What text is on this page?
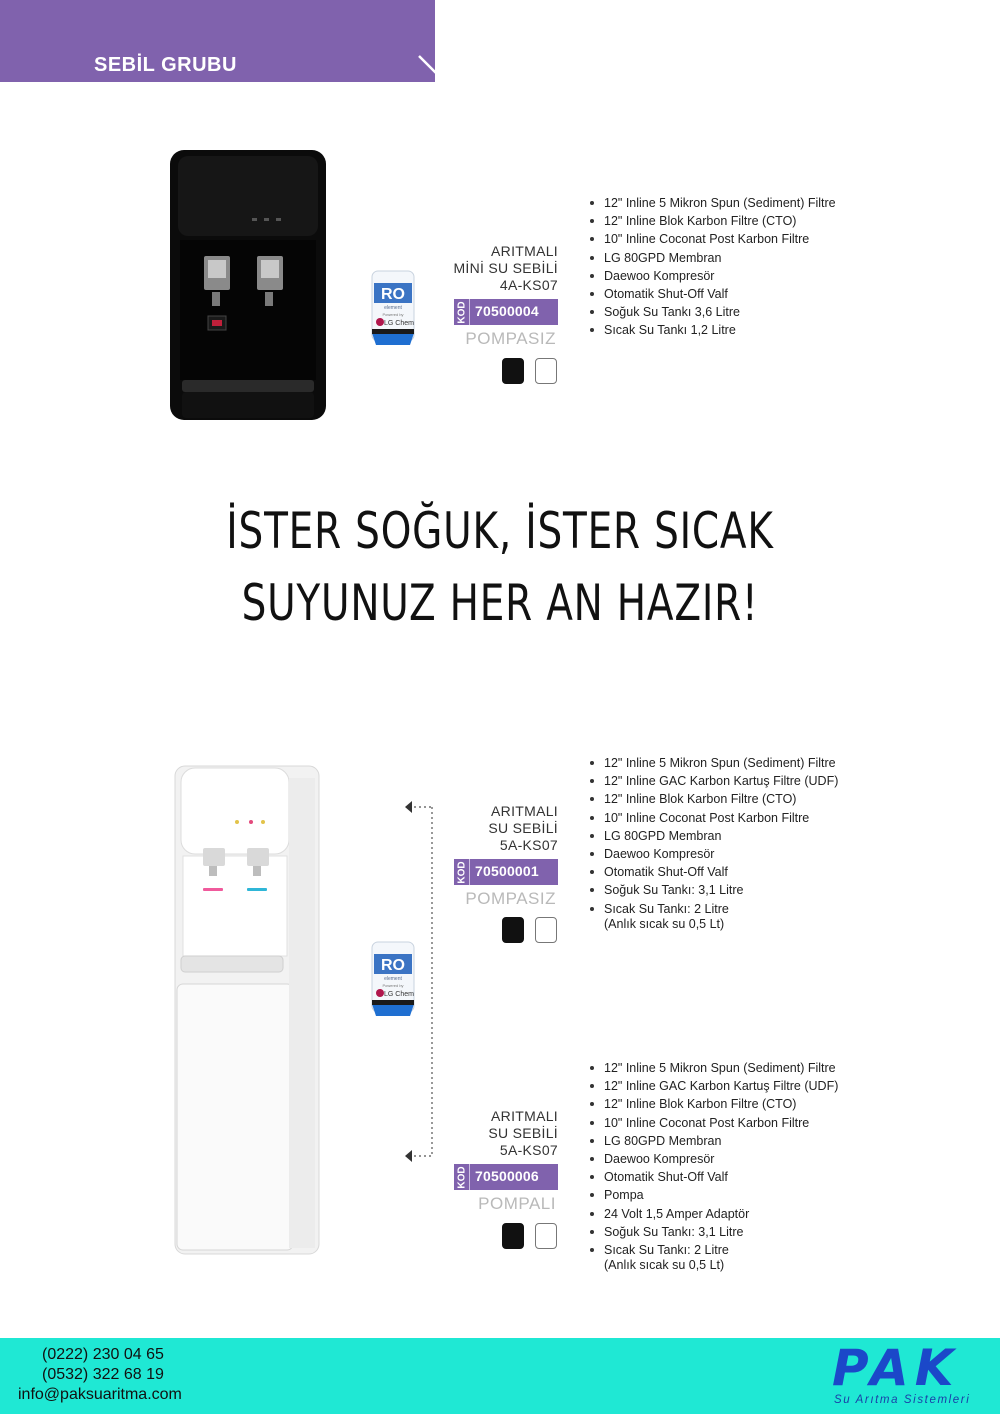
SEBİL GRUBU
RO
element
Powered by
LG Chem
ARITMALI
MİNİ SU SEBİLİ
4A-KS07
KOD 70500004
POMPASIZ
12" Inline 5 Mikron Spun (Sediment) Filtre
12" Inline Blok Karbon Filtre (CTO)
10" Inline Coconat Post Karbon Filtre
LG 80GPD Membran
Daewoo Kompresör
Otomatik Shut-Off Valf
Soğuk Su Tankı 3,6 Litre
Sıcak Su Tankı 1,2 Litre
İSTER SOĞUK, İSTER SICAK
SUYUNUZ HER AN HAZIR!
RO
element
Powered by
LG Chem
ARITMALI
SU SEBİLİ
5A-KS07
KOD 70500001
POMPASIZ
12" Inline 5 Mikron Spun (Sediment) Filtre
12" Inline GAC Karbon Kartuş Filtre (UDF)
12" Inline Blok Karbon Filtre (CTO)
10" Inline Coconat Post Karbon Filtre
LG 80GPD Membran
Daewoo Kompresör
Otomatik Shut-Off Valf
Soğuk Su Tankı: 3,1 Litre
Sıcak Su Tankı: 2 Litre
(Anlık sıcak su 0,5 Lt)
ARITMALI
SU SEBİLİ
5A-KS07
KOD 70500006
POMPALI
12" Inline 5 Mikron Spun (Sediment) Filtre
12" Inline GAC Karbon Kartuş Filtre (UDF)
12" Inline Blok Karbon Filtre (CTO)
10" Inline Coconat Post Karbon Filtre
LG 80GPD Membran
Daewoo Kompresör
Otomatik Shut-Off Valf
Pompa
24 Volt 1,5 Amper Adaptör
Soğuk Su Tankı: 3,1 Litre
Sıcak Su Tankı: 2 Litre
(Anlık sıcak su 0,5 Lt)
(0222) 230 04 65
(0532) 322 68 19
info@paksuaritma.com	PAK
Su Arıtma Sistemleri
